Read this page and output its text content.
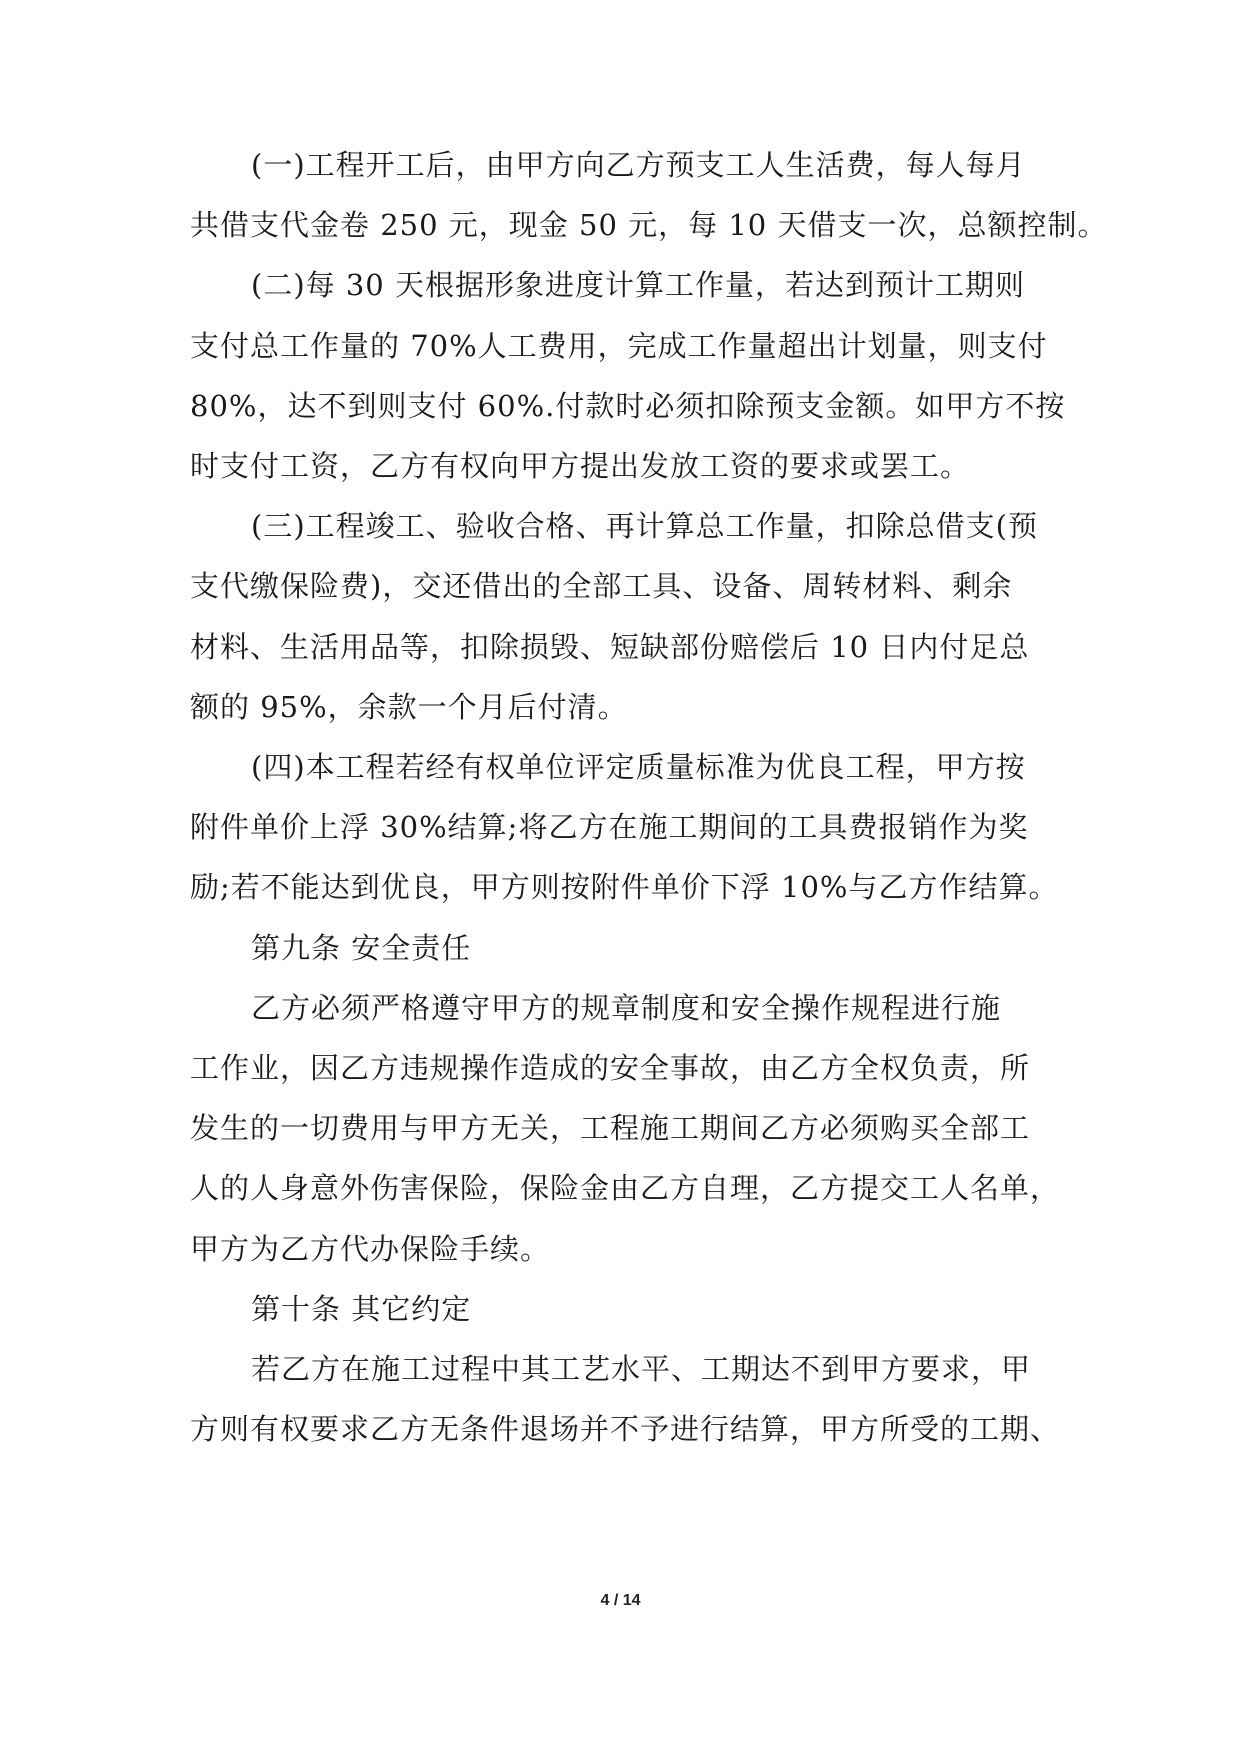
(一)工程开工后，由甲方向乙方预支工人生活费，每人每月
共借支代金卷 250 元，现金 50 元，每 10 天借支一次，总额控制。
(二)每 30 天根据形象进度计算工作量，若达到预计工期则
支付总工作量的 70%人工费用，完成工作量超出计划量，则支付
80%，达不到则支付 60%.付款时必须扣除预支金额。如甲方不按
时支付工资，乙方有权向甲方提出发放工资的要求或罢工。
(三)工程竣工、验收合格、再计算总工作量，扣除总借支(预
支代缴保险费)，交还借出的全部工具、设备、周转材料、剩余
材料、生活用品等，扣除损毁、短缺部份赔偿后 10 日内付足总
额的 95%，余款一个月后付清。
(四)本工程若经有权单位评定质量标准为优良工程，甲方按
附件单价上浮 30%结算;将乙方在施工期间的工具费报销作为奖
励;若不能达到优良，甲方则按附件单价下浮 10%与乙方作结算。
第九条 安全责任
乙方必须严格遵守甲方的规章制度和安全操作规程进行施
工作业，因乙方违规操作造成的安全事故，由乙方全权负责，所
发生的一切费用与甲方无关，工程施工期间乙方必须购买全部工
人的人身意外伤害保险，保险金由乙方自理，乙方提交工人名单，
甲方为乙方代办保险手续。
第十条 其它约定
若乙方在施工过程中其工艺水平、工期达不到甲方要求，甲
方则有权要求乙方无条件退场并不予进行结算，甲方所受的工期、
4 / 14
